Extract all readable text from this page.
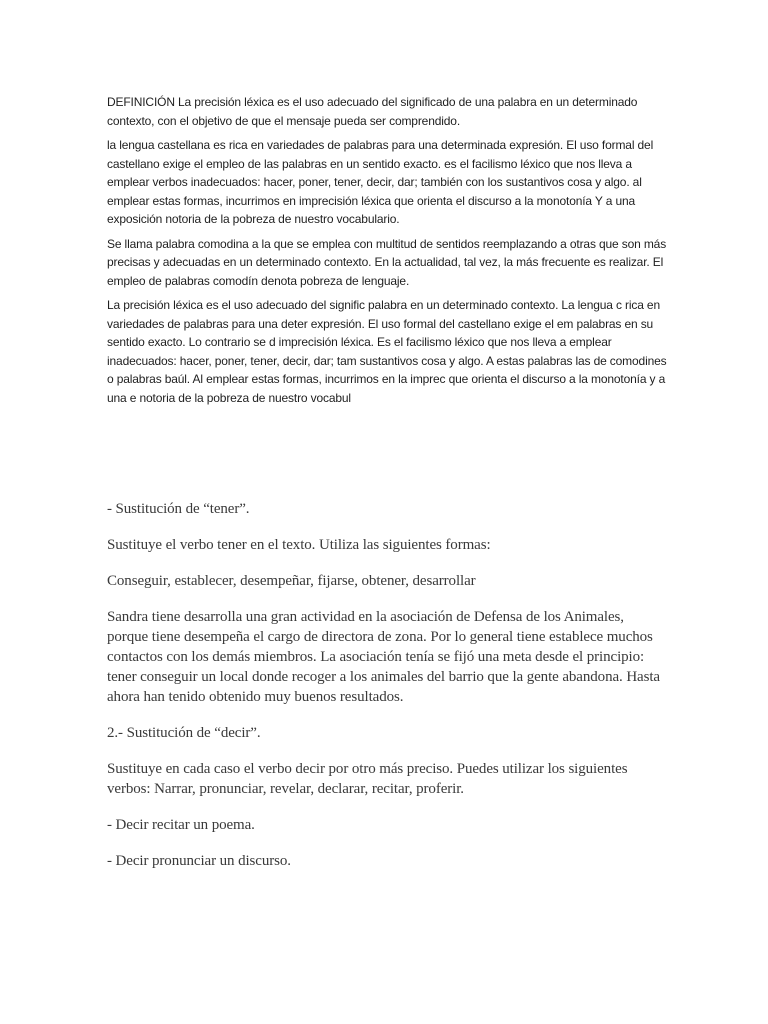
DEFINICIÓN La precisión léxica es el uso adecuado del significado de una palabra en un determinado contexto, con el objetivo de que el mensaje pueda ser comprendido.

la lengua castellana es rica en variedades de palabras para una determinada expresión. El uso formal del castellano exige el empleo de las palabras en un sentido exacto. es el facilismo léxico que nos lleva a emplear verbos inadecuados: hacer, poner, tener, decir, dar; también con los sustantivos cosa y algo. al emplear estas formas, incurrimos en imprecisión léxica que orienta el discurso a la monotonía Y a una exposición notoria de la pobreza de nuestro vocabulario.

Se llama palabra comodina a la que se emplea con multitud de sentidos reemplazando a otras que son más precisas y adecuadas en un determinado contexto. En la actualidad, tal vez, la más frecuente es realizar. El empleo de palabras comodín denota pobreza de lenguaje.

La precisión léxica es el uso adecuado del signific palabra en un determinado contexto. La lengua c rica en variedades de palabras para una deter expresión. El uso formal del castellano exige el em palabras en su sentido exacto. Lo contrario se d imprecisión léxica. Es el facilismo léxico que nos lleva a emplear inadecuados: hacer, poner, tener, decir, dar; tam sustantivos cosa y algo. A estas palabras las de comodines o palabras baúl. Al emplear estas formas, incurrimos en la imprec que orienta el discurso a la monotonía y a una e notoria de la pobreza de nuestro vocabul

- Sustitución de “tener”.

Sustituye el verbo tener en el texto. Utiliza las siguientes formas:

Conseguir, establecer, desempeñar, fijarse, obtener, desarrollar

Sandra tiene desarrolla una gran actividad en la asociación de Defensa de los Animales, porque tiene desempeña el cargo de directora de zona. Por lo general tiene establece muchos contactos con los demás miembros. La asociación tenía se fijó una meta desde el principio: tener conseguir un local donde recoger a los animales del barrio que la gente abandona. Hasta ahora han tenido obtenido muy buenos resultados.

2.- Sustitución de “decir”.

Sustituye en cada caso el verbo decir por otro más preciso. Puedes utilizar los siguientes verbos: Narrar, pronunciar, revelar, declarar, recitar, proferir.

- Decir recitar un poema.

- Decir pronunciar un discurso.
